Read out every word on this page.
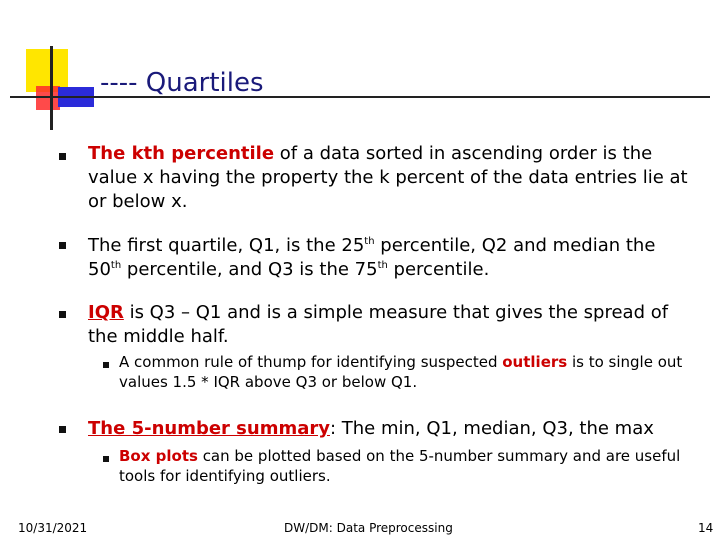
---- Quartiles
The kth percentile of a data sorted in ascending order is the value x having the property the k percent of the data entries lie at or below x.
The first quartile, Q1, is the 25th percentile, Q2 and median the 50th percentile, and Q3 is the 75th percentile.
IQR is Q3 – Q1 and is a simple measure that gives the spread of the middle half.
A common rule of thump for identifying suspected outliers is to single out values 1.5 * IQR above Q3 or below Q1.
The 5-number summary: The min, Q1, median, Q3, the max
Box plots can be plotted based on the 5-number summary and are useful tools for identifying outliers.
10/31/2021	DW/DM: Data Preprocessing	14
